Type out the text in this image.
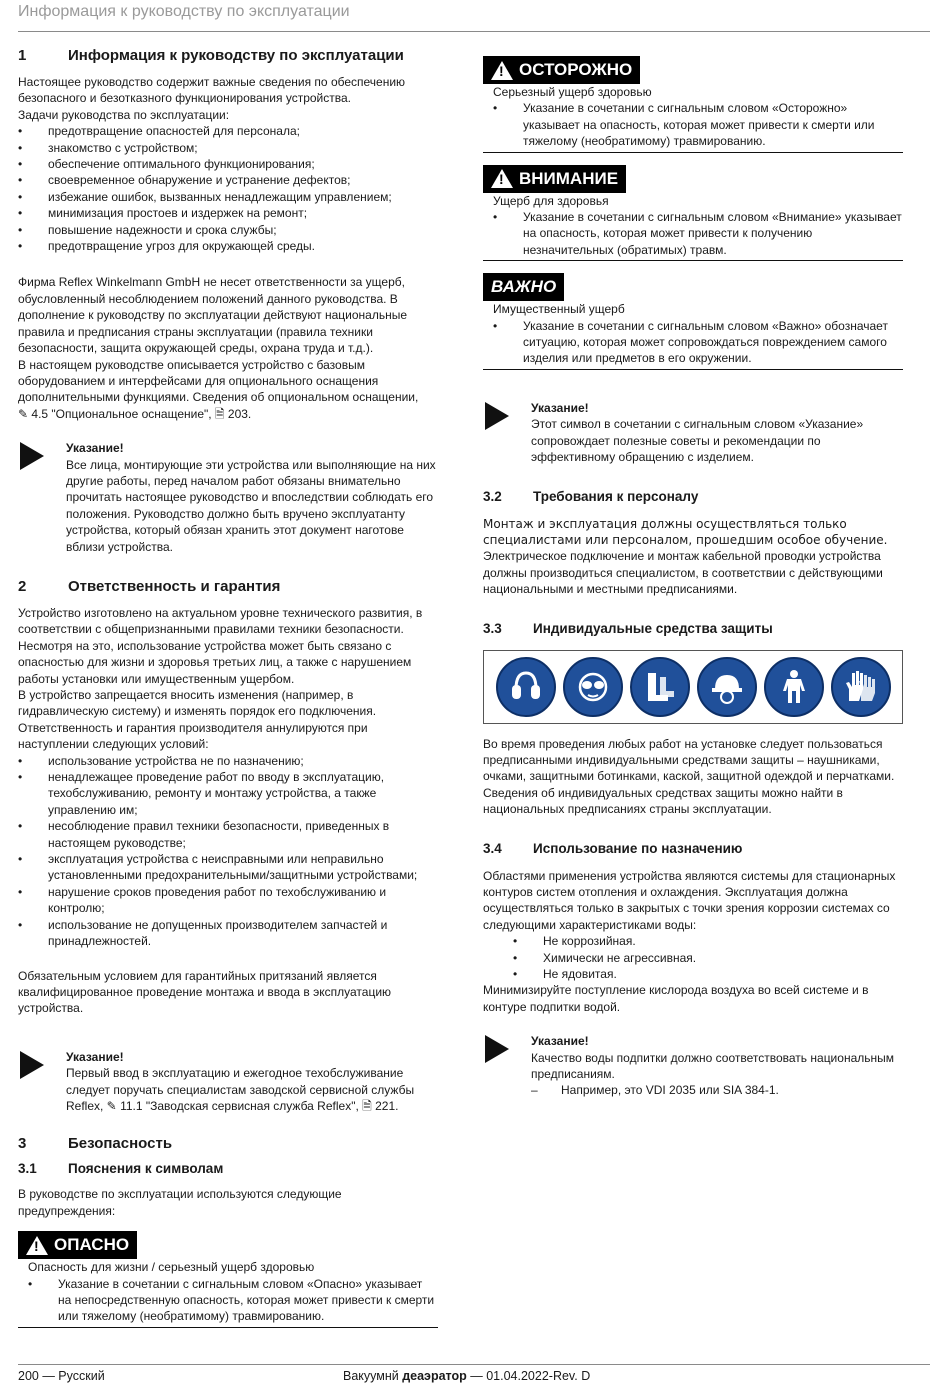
Информация к руководству по эксплуатации
1	Информация к руководству по эксплуатации

Настоящее руководство содержит важные сведения по обеспечению безопасного и безотказного функционирования устройства.

Задачи руководства по эксплуатации:

• предотвращение опасностей для персонала;
• знакомство с устройством;
• обеспечение оптимального функционирования;
• своевременное обнаружение и устранение дефектов;
• избежание ошибок, вызванных ненадлежащим управлением;
• минимизация простоев и издержек на ремонт;
• повышение надежности и срока службы;
• предотвращение угроз для окружающей среды.

Фирма Reflex Winkelmann GmbH не несет ответственности за ущерб, обусловленный несоблюдением положений данного руководства. В дополнение к руководству по эксплуатации действуют национальные правила и предписания страны эксплуатации (правила техники безопасности, защита окружающей среды, охрана труда и т.д.).

В настоящем руководстве описывается устройство с базовым оборудованием и интерфейсами для опционального оснащения дополнительными функциями. Сведения об опциональном оснащении,

✎ 4.5 "Опциональное оснащение", 🗎 203.

Указание!
Все лица, монтирующие эти устройства или выполняющие на них другие работы, перед началом работ обязаны внимательно прочитать настоящее руководство и впоследствии соблюдать его положения. Руководство должно быть вручено эксплуатанту устройства, который обязан хранить этот документ наготове вблизи устройства.
2	Ответственность и гарантия

Устройство изготовлено на актуальном уровне технического развития, в соответствии с общепризнанными правилами техники безопасности. Несмотря на это, использование устройства может быть связано с опасностью для жизни и здоровья третьих лиц, а также с нарушением работы установки или имущественным ущербом.

В устройство запрещается вносить изменения (например, в гидравлическую систему) и изменять порядок его подключения.

Ответственность и гарантия производителя аннулируются при наступлении следующих условий:

• использование устройства не по назначению;
• ненадлежащее проведение работ по вводу в эксплуатацию, техобслуживанию, ремонту и монтажу устройства, а также управлению им;
• несоблюдение правил техники безопасности, приведенных в настоящем руководстве;
• эксплуатация устройства с неисправными или неправильно установленными предохранительными/защитными устройствами;
• нарушение сроков проведения работ по техобслуживанию и контролю;
• использование не допущенных производителем запчастей и принадлежностей.

Обязательным условием для гарантийных притязаний является квалифицированное проведение монтажа и ввода в эксплуатацию устройства.

Указание!
Первый ввод в эксплуатацию и ежегодное техобслуживание следует поручать специалистам заводской сервисной службы Reflex, ✎ 11.1 "Заводская сервисная служба Reflex", 🗎 221.
3	Безопасность
3.1	Пояснения к символам

В руководстве по эксплуатации используются следующие предупреждения:

!
ОПАСНО
Опасность для жизни / серьезный ущерб здоровью
• Указание в сочетании с сигнальным словом «Опасно» указывает на непосредственную опасность, которая может привести к смерти или тяжелому (необратимому) травмированию.
!
ОСТОРОЖНО
Серьезный ущерб здоровью
• Указание в сочетании с сигнальным словом «Осторожно» указывает на опасность, которая может привести к смерти или тяжелому (необратимому) травмированию.
!
ВНИМАНИЕ
Ущерб для здоровья
• Указание в сочетании с сигнальным словом «Внимание» указывает на опасность, которая может привести к получению незначительных (обратимых) травм.
ВАЖНО
Имущественный ущерб
• Указание в сочетании с сигнальным словом «Важно» обозначает ситуацию, которая может сопровождаться повреждением самого изделия или предметов в его окружении.
Указание!
Этот символ в сочетании с сигнальным словом «Указание» сопровождает полезные советы и рекомендации по эффективному обращению с изделием.
3.2	Требования к персоналу

Монтаж и эксплуатация должны осуществляться только специалистами или персоналом, прошедшим особое обучение.

Электрическое подключение и монтаж кабельной проводки устройства должны производиться специалистом, в соответствии с действующими национальными и местными предписаниями.

3.3	Индивидуальные средства защиты

Во время проведения любых работ на установке следует пользоваться предписанными индивидуальными средствами защиты – наушниками, очками, защитными ботинками, каской, защитной одеждой и перчатками.

Сведения об индивидуальных средствах защиты можно найти в национальных предписаниях страны эксплуатации.

3.4	Использование по назначению

Областями применения устройства являются системы для стационарных контуров систем отопления и охлаждения. Эксплуатация должна осуществляться только в закрытых с точки зрения коррозии системах со следующими характеристиками воды:

• Не коррозийная.
• Химически не агрессивная.
• Не ядовитая.

Минимизируйте поступление кислорода воздуха во всей системе и в контуре подпитки водой.

Указание!
Качество воды подпитки должно соответствовать национальным предписаниям.
– Например, это VDI 2035 или SIA 384-1.
200 — Русский	Вакуумнй деаэратор — 01.04.2022-Rev. D
